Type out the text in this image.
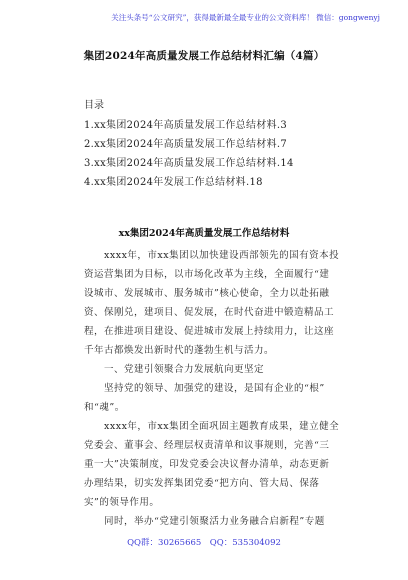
关注头条号“公文研究”，获得最新最全最专业的公文资料库！ 微信：gongwenyj
集团2024年高质量发展工作总结材料汇编（4篇）
目录
1.xx集团2024年高质量发展工作总结材料.3
2.xx集团2024年高质量发展工作总结材料.7
3.xx集团2024年高质量发展工作总结材料.14
4.xx集团2024年发展工作总结材料.18
xx集团2024年高质量发展工作总结材料
　　xxxx年，市xx集团以加快建设西部领先的国有资本投
资运营集团为目标，以市场化改革为主线，全面履行“建
设城市、发展城市、服务城市”核心使命，全力以赴拓融
资、保刚兑，建项目、促发展，在时代奋进中锻造精品工
程，在推进项目建设、促进城市发展上持续用力，让这座
千年古都焕发出新时代的蓬勃生机与活力。
　　一、党建引领聚合力发展航向更坚定
　　坚持党的领导、加强党的建设，是国有企业的“根”
和“魂”。
　　xxxx年，市xx集团全面巩固主题教育成果，建立健全
党委会、董事会、经理层权责清单和议事规则，完善“三
重一大”决策制度，印发党委会决议督办清单，动态更新
办理结果，切实发挥集团党委“把方向、管大局、保落
实”的领导作用。
　　同时，举办“党建引领聚活力业务融合启新程”专题
QQ群：30265665　QQ：535304092
